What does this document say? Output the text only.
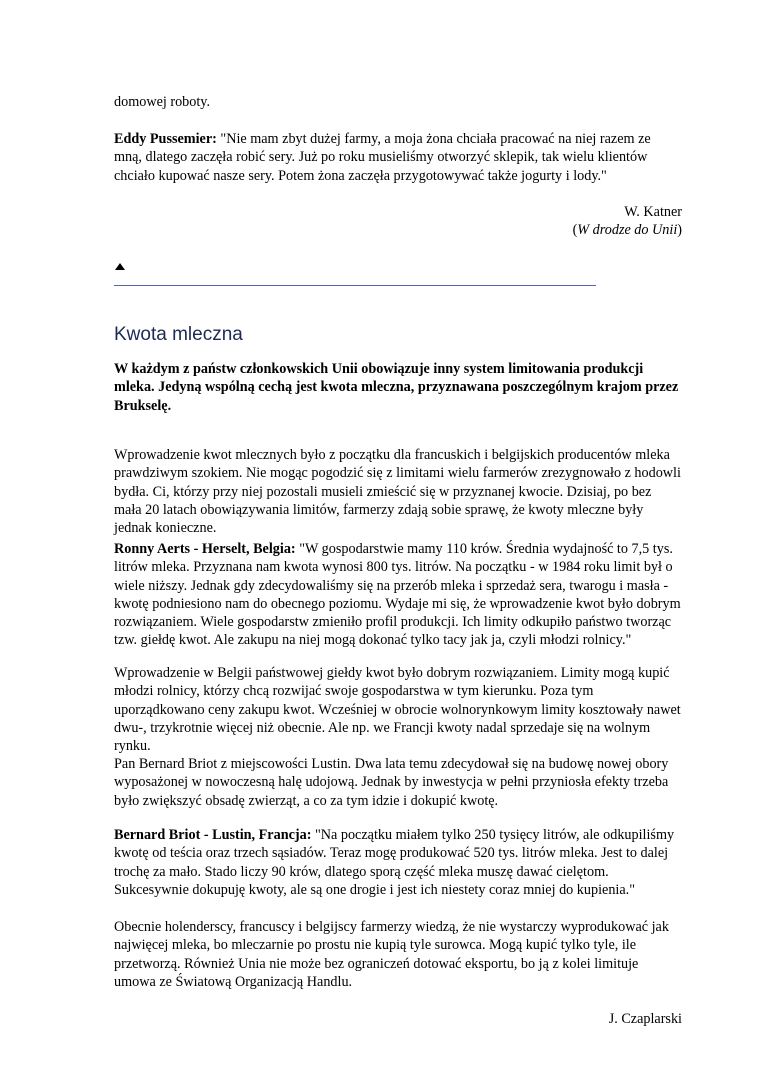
domowej roboty.

Eddy Pussemier: "Nie mam zbyt dużej farmy, a moja żona chciała pracować na niej razem ze mną, dlatego zaczęła robić sery. Już po roku musieliśmy otworzyć sklepik, tak wielu klientów chciało kupować nasze sery. Potem żona zaczęła przygotowywać także jogurty i lody."

W. Katner

(W drodze do Unii)

Kwota mleczna

W każdym z państw członkowskich Unii obowiązuje inny system limitowania produkcji mleka. Jedyną wspólną cechą jest kwota mleczna, przyznawana poszczególnym krajom przez Brukselę.

Wprowadzenie kwot mlecznych było z początku dla francuskich i belgijskich producentów mleka prawdziwym szokiem. Nie mogąc pogodzić się z limitami wielu farmerów zrezygnowało z hodowli bydła. Ci, którzy przy niej pozostali musieli zmieścić się w przyznanej kwocie. Dzisiaj, po bez mała 20 latach obowiązywania limitów, farmerzy zdają sobie sprawę, że kwoty mleczne były jednak konieczne.

Ronny Aerts - Herselt, Belgia: "W gospodarstwie mamy 110 krów. Średnia wydajność to 7,5 tys. litrów mleka. Przyznana nam kwota wynosi 800 tys. litrów. Na początku - w 1984 roku limit był o wiele niższy. Jednak gdy zdecydowaliśmy się na przerób mleka i sprzedaż sera, twarogu i masła - kwotę podniesiono nam do obecnego poziomu. Wydaje mi się, że wprowadzenie kwot było dobrym rozwiązaniem. Wiele gospodarstw zmieniło profil produkcji. Ich limity odkupiło państwo tworząc tzw. giełdę kwot. Ale zakupu na niej mogą dokonać tylko tacy jak ja, czyli młodzi rolnicy."

Wprowadzenie w Belgii państwowej giełdy kwot było dobrym rozwiązaniem. Limity mogą kupić młodzi rolnicy, którzy chcą rozwijać swoje gospodarstwa w tym kierunku. Poza tym uporządkowano ceny zakupu kwot. Wcześniej w obrocie wolnorynkowym limity kosztowały nawet dwu-, trzykrotnie więcej niż obecnie. Ale np. we Francji kwoty nadal sprzedaje się na wolnym rynku.

Pan Bernard Briot z miejscowości Lustin. Dwa lata temu zdecydował się na budowę nowej obory wyposażonej w nowoczesną halę udojową. Jednak by inwestycja w pełni przyniosła efekty trzeba było zwiększyć obsadę zwierząt, a co za tym idzie i dokupić kwotę.

Bernard Briot - Lustin, Francja: "Na początku miałem tylko 250 tysięcy litrów, ale odkupiliśmy kwotę od teścia oraz trzech sąsiadów. Teraz mogę produkować 520 tys. litrów mleka. Jest to dalej trochę za mało. Stado liczy 90 krów, dlatego sporą część mleka muszę dawać cielętom. Sukcesywnie dokupuję kwoty, ale są one drogie i jest ich niestety coraz mniej do kupienia."

Obecnie holenderscy, francuscy i belgijscy farmerzy wiedzą, że nie wystarczy wyprodukować jak najwięcej mleka, bo mleczarnie po prostu nie kupią tyle surowca. Mogą kupić tylko tyle, ile przetworzą. Również Unia nie może bez ograniczeń dotować eksportu, bo ją z kolei limituje umowa ze Światową Organizacją Handlu.

J. Czaplarski
